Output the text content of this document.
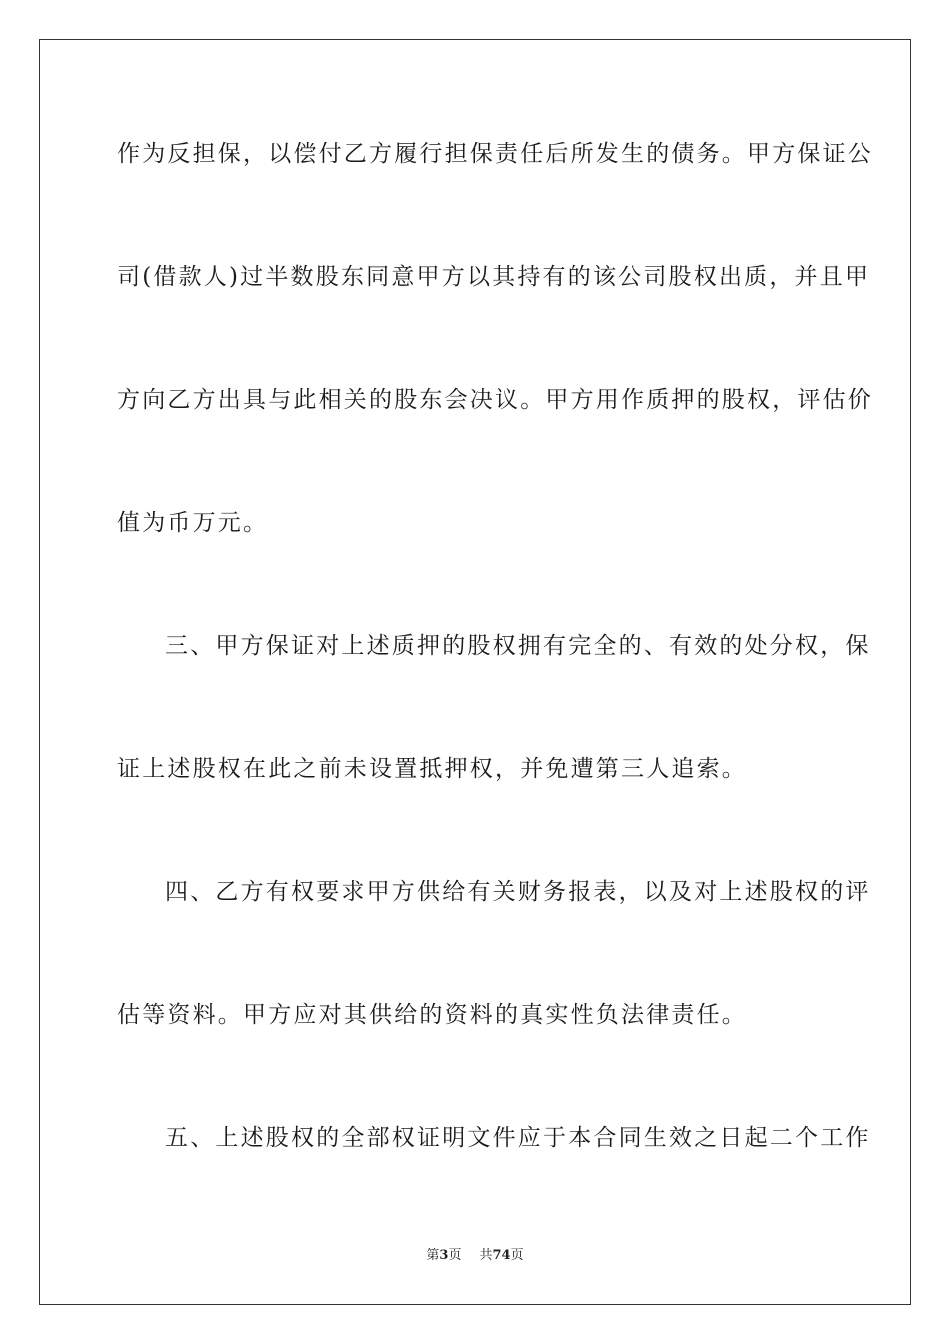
作为反担保，以偿付乙方履行担保责任后所发生的债务。甲方保证公
司(借款人)过半数股东同意甲方以其持有的该公司股权出质，并且甲
方向乙方出具与此相关的股东会决议。甲方用作质押的股权，评估价
值为币万元。
三、甲方保证对上述质押的股权拥有完全的、有效的处分权，保
证上述股权在此之前未设置抵押权，并免遭第三人追索。
四、乙方有权要求甲方供给有关财务报表，以及对上述股权的评
估等资料。甲方应对其供给的资料的真实性负法律责任。
五、上述股权的全部权证明文件应于本合同生效之日起二个工作
第3页 共74页
